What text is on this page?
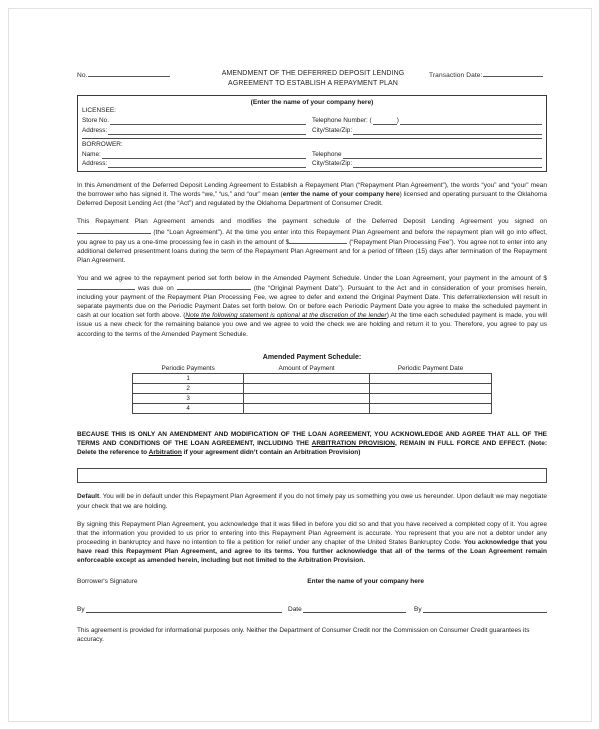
No.	AMENDMENT OF THE DEFERRED DEPOSIT LENDING
AGREEMENT TO ESTABLISH A REPAYMENT PLAN
Transaction Date:
(Enter the name of your company here)
LICENSEE:
Store No.	Telephone Number: (	)
Address:	City/State/Zip:
BORROWER:
Name:	Telephone
Address:	City/State/Zip:

In this Amendment of the Deferred Deposit Lending Agreement to Establish a Repayment Plan (“Repayment Plan Agreement”), the words “you” and “your” mean the borrower who has signed it. The words “we,” “us,” and “our” mean (enter the name of your company here) licensed and operating pursuant to the Oklahoma Deferred Deposit Lending Act (the “Act”) and regulated by the Oklahoma Department of Consumer Credit.

This Repayment Plan Agreement amends and modifies the payment schedule of the Deferred Deposit Lending Agreement you signed on  (the “Loan Agreement”). At the time you enter into this Repayment Plan Agreement and before the repayment plan will go into effect, you agree to pay us a one-time processing fee in cash in the amount of $	(“Repayment Plan Processing Fee”). You agree not to enter into any additional deferred presentment loans during the term of the Repayment Plan Agreement and for a period of fifteen (15) days after termination of the Repayment Plan Agreement.

You and we agree to the repayment period set forth below in the Amended Payment Schedule. Under the Loan Agreement, your payment in the amount of $ was due on	(the “Original Payment Date”). Pursuant to the Act and in consideration of your promises herein, including your payment of the Repayment Plan Processing Fee, we agree to defer and extend the Original Payment Date. This deferral/extension will result in separate payments due on the Periodic Payment Dates set forth below. On or before each Periodic Payment Date you agree to make the scheduled payment in cash at our location set forth above. (Note the following statement is optional at the discretion of the lender) At the time each scheduled payment is made, you will issue us a new check for the remaining balance you owe and we agree to void the check we are holding and return it to you. Therefore, you agree to pay us according to the terms of the Amended Payment Schedule.

Amended Payment Schedule:
Periodic Payments	Amount of Payment	Periodic Payment Date
1		
2		
3		
4		

BECAUSE THIS IS ONLY AN AMENDMENT AND MODIFICATION OF THE LOAN AGREEMENT, YOU ACKNOWLEDGE AND AGREE THAT ALL OF THE TERMS AND CONDITIONS OF THE LOAN AGREEMENT, INCLUDING THE ARBITRATION PROVISION, REMAIN IN FULL FORCE AND EFFECT. (Note: Delete the reference to Arbitration if your agreement didn’t contain an Arbitration Provision)

Default. You will be in default under this Repayment Plan Agreement if you do not timely pay us something you owe us hereunder. Upon default we may negotiate your check that we are holding.

By signing this Repayment Plan Agreement, you acknowledge that it was filled in before you did so and that you have received a completed copy of it. You agree that the information you provided to us prior to entering into this Repayment Plan Agreement is accurate. You represent that you are not a debtor under any proceeding in bankruptcy and have no intention to file a petition for relief under any chapter of the United States Bankruptcy Code. You acknowledge that you have read this Repayment Plan Agreement, and agree to its terms. You further acknowledge that all of the terms of the Loan Agreement remain enforceable except as amended herein, including but not limited to the Arbitration Provision.

Borrower's Signature	Enter the name of your company here
By	Date	By

This agreement is provided for informational purposes only. Neither the Department of Consumer Credit nor the Commission on Consumer Credit guarantees its accuracy.
